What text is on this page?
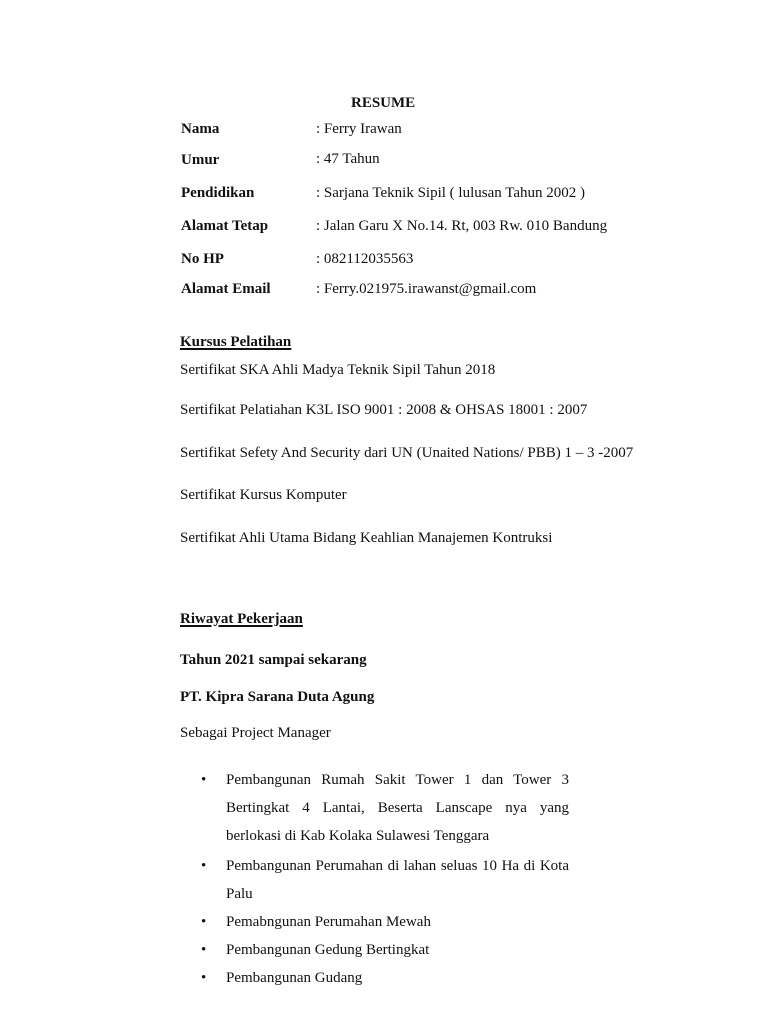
RESUME
Nama	: Ferry Irawan
Umur	: 47 Tahun
Pendidikan	: Sarjana Teknik Sipil ( lulusan Tahun 2002 )
Alamat Tetap	: Jalan Garu X No.14. Rt, 003 Rw. 010 Bandung
No HP	: 082112035563
Alamat Email	: Ferry.021975.irawanst@gmail.com
Kursus Pelatihan
Sertifikat SKA Ahli Madya Teknik Sipil Tahun 2018
Sertifikat Pelatiahan K3L ISO 9001 : 2008 & OHSAS 18001 : 2007
Sertifikat Sefety And Security dari UN (Unaited Nations/ PBB) 1 – 3 -2007
Sertifikat Kursus Komputer
Sertifikat Ahli Utama Bidang Keahlian Manajemen Kontruksi
Riwayat Pekerjaan
Tahun 2021 sampai sekarang
PT. Kipra Sarana Duta Agung
Sebagai Project Manager
• Pembangunan Rumah Sakit Tower 1 dan Tower 3 Bertingkat 4 Lantai, Beserta Lanscape nya yang berlokasi di Kab Kolaka Sulawesi Tenggara
• Pembangunan Perumahan di lahan seluas 10 Ha di Kota Palu
• Pemabngunan Perumahan Mewah
• Pembangunan Gedung Bertingkat
• Pembangunan Gudang
